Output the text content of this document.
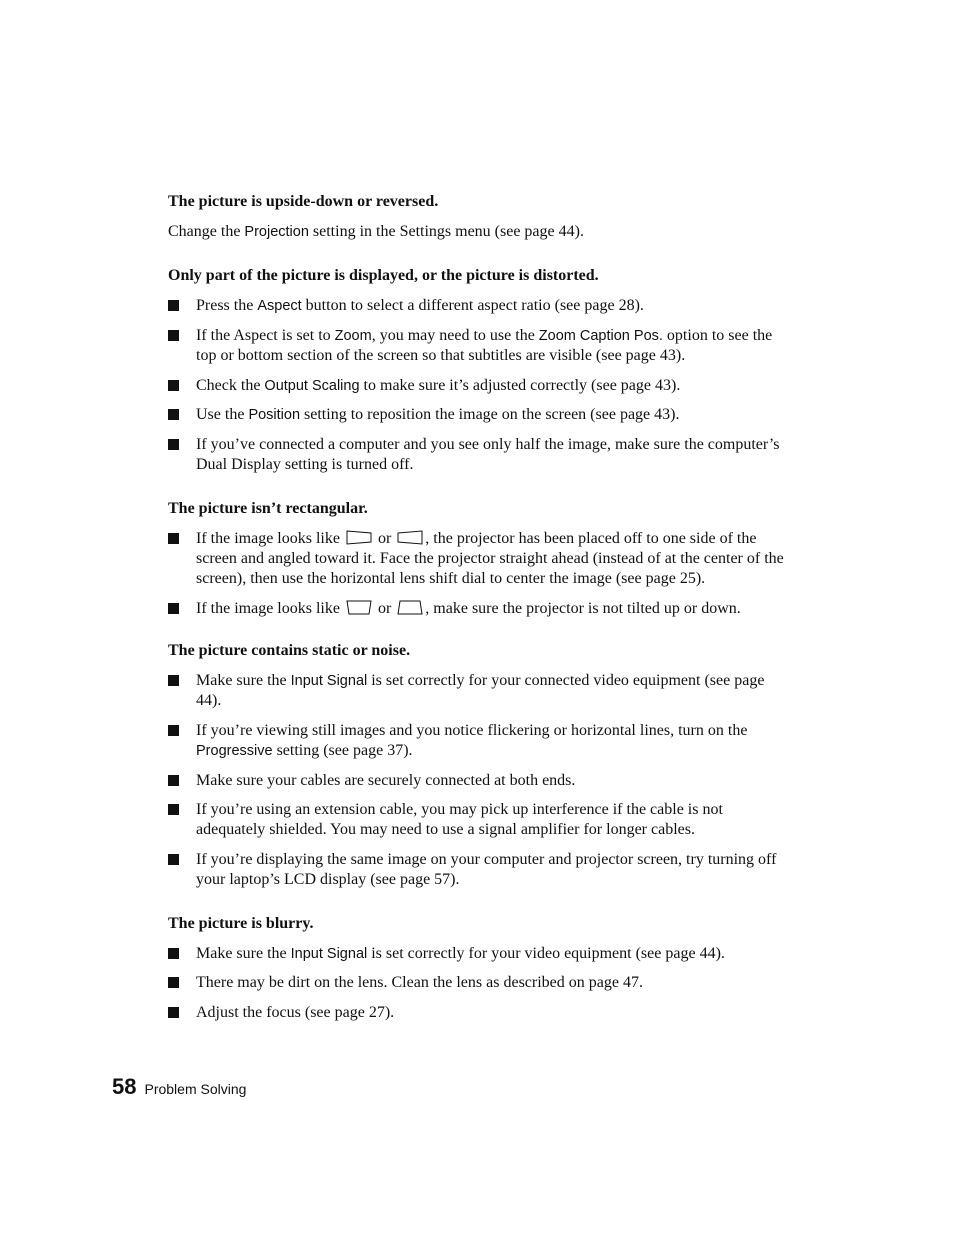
The picture is upside-down or reversed.

Change the Projection setting in the Settings menu (see page 44).

Only part of the picture is displayed, or the picture is distorted.

Press the Aspect button to select a different aspect ratio (see page 28).
If the Aspect is set to Zoom, you may need to use the Zoom Caption Pos. option to see the top or bottom section of the screen so that subtitles are visible (see page 43).
Check the Output Scaling to make sure it’s adjusted correctly (see page 43).
Use the Position setting to reposition the image on the screen (see page 43).
If you’ve connected a computer and you see only half the image, make sure the computer’s Dual Display setting is turned off.

The picture isn’t rectangular.

If the image looks like  or , the projector has been placed off to one side of the screen and angled toward it. Face the projector straight ahead (instead of at the center of the screen), then use the horizontal lens shift dial to center the image (see page 25).
If the image looks like  or , make sure the projector is not tilted up or down.

The picture contains static or noise.

Make sure the Input Signal is set correctly for your connected video equipment (see page 44).
If you’re viewing still images and you notice flickering or horizontal lines, turn on the Progressive setting (see page 37).
Make sure your cables are securely connected at both ends.
If you’re using an extension cable, you may pick up interference if the cable is not adequately shielded. You may need to use a signal amplifier for longer cables.
If you’re displaying the same image on your computer and projector screen, try turning off your laptop’s LCD display (see page 57).

The picture is blurry.

Make sure the Input Signal is set correctly for your video equipment (see page 44).
There may be dirt on the lens. Clean the lens as described on page 47.
Adjust the focus (see page 27).
58 Problem Solving
